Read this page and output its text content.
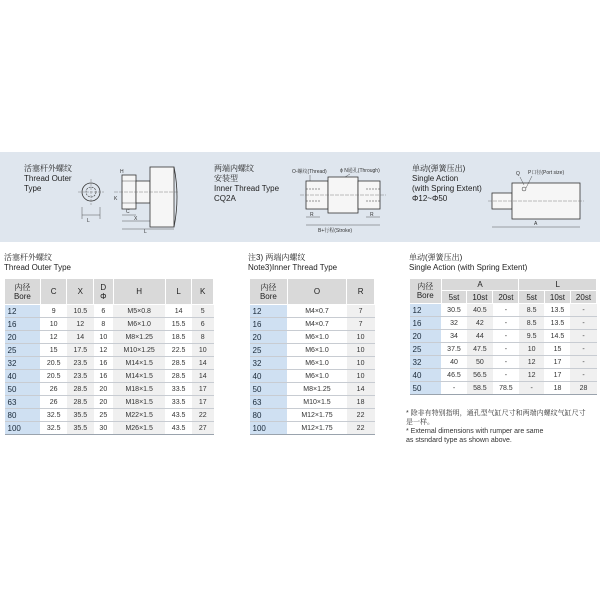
活塞杆外螺纹
Thread Outer
Type
L
H
C
X
K
L
两端内螺纹
安装型
Inner Thread Type
CQ2A
O-螺纹(Thread)	ϕ N通孔(Through)
R	R
B+行程(Stroke)
单动(弹簧压出)
Single Action
(with Spring Extent)
Φ12~Φ50
P口径(Port size)
Q
A
活塞杆外螺纹
Thread Outer Type
内径
Bore	C	X	D
Φ	H	L	K
12	9	10.5	6	M5×0.8	14	5
16	10	12	8	M6×1.0	15.5	6
20	12	14	10	M8×1.25	18.5	8
25	15	17.5	12	M10×1.25	22.5	10
32	20.5	23.5	16	M14×1.5	28.5	14
40	20.5	23.5	16	M14×1.5	28.5	14
50	26	28.5	20	M18×1.5	33.5	17
63	26	28.5	20	M18×1.5	33.5	17
80	32.5	35.5	25	M22×1.5	43.5	22
100	32.5	35.5	30	M26×1.5	43.5	27
注3) 两端内螺纹
Note3)Inner Thread Type
内径
Bore	O	R
12	M4×0.7	7
16	M4×0.7	7
20	M6×1.0	10
25	M6×1.0	10
32	M6×1.0	10
40	M6×1.0	10
50	M8×1.25	14
63	M10×1.5	18
80	M12×1.75	22
100	M12×1.75	22
单动(弹簧压出)
Single Action (with Spring Extent)
内径
Bore	A			L		
	5st	10st	20st	5st	10st	20st
12	30.5	40.5	-	8.5	13.5	-
16	32	42	-	8.5	13.5	-
20	34	44	-	9.5	14.5	-
25	37.5	47.5	-	10	15	-
32	40	50	-	12	17	-
40	46.5	56.5	-	12	17	-
50	-	58.5	78.5	-	18	28
* 除非有特别指明，通孔型气缸尺寸和两端内螺纹气缸尺寸
是一样。
* External dimensions with rumper are same
as stsndard type as shown above.
